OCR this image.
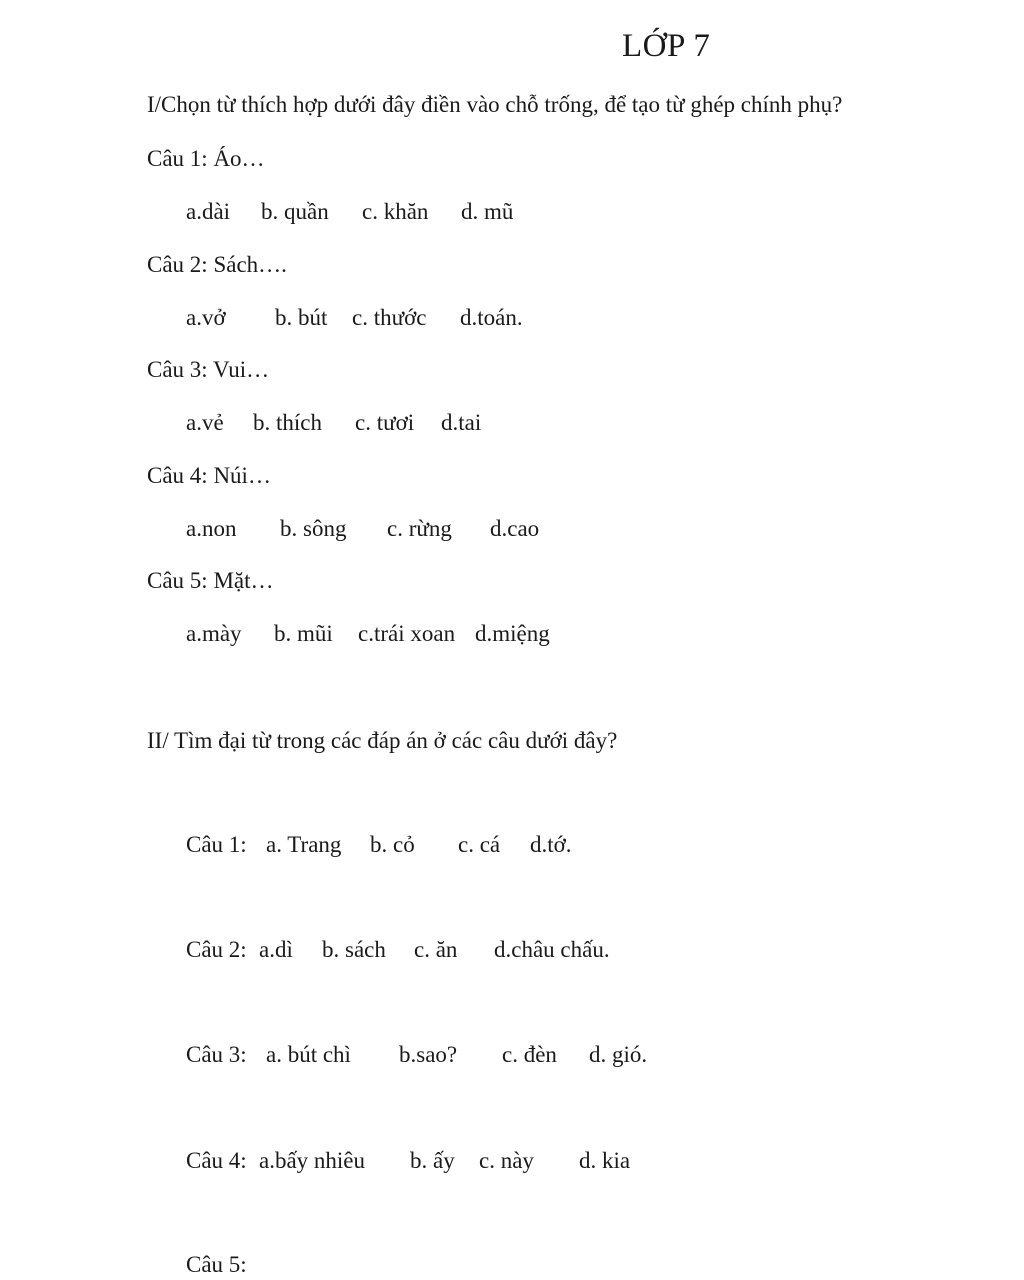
LỚP 7

I/Chọn từ thích hợp dưới đây điền vào chỗ trống, để tạo từ ghép chính phụ?

Câu 1: Áo…

a.dài b. quần c. khăn d. mũ

Câu 2: Sách….

a.vở b. bút c. thước d.toán.

Câu 3: Vui…

a.vẻ b. thích c. tươi d.tai

Câu 4: Núi…

a.non b. sông c. rừng d.cao

Câu 5: Mặt…

a.mày b. mũi c.trái xoan d.miệng

II/ Tìm đại từ trong các đáp án ở các câu dưới đây?

Câu 1: a. Trang b. cỏ c. cá d.tớ.

Câu 2: a.dì b. sách c. ăn d.châu chấu.

Câu 3: a. bút chì b.sao? c. đèn d. gió.

Câu 4: a.bấy nhiêu b. ấy c. này d. kia

Câu 5:
